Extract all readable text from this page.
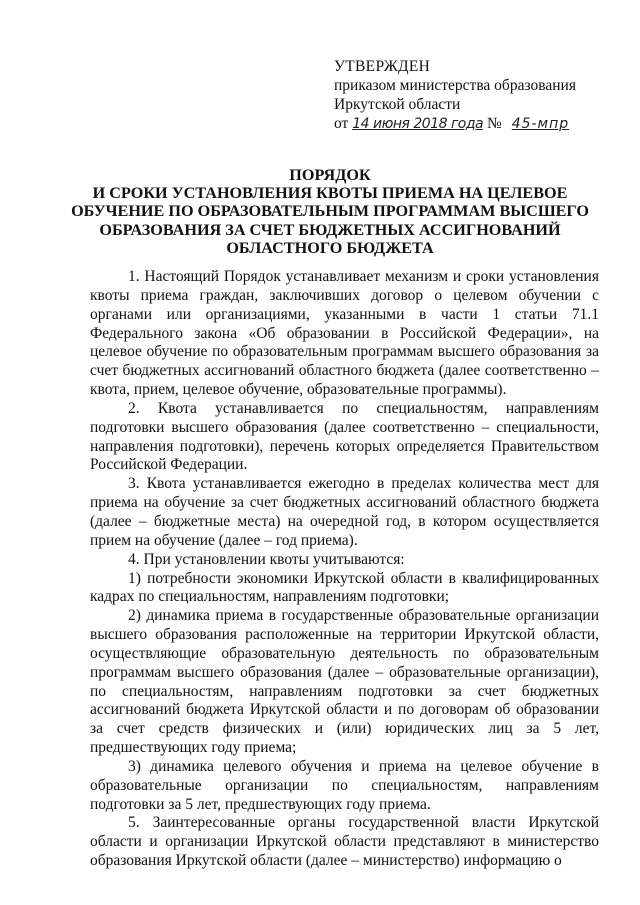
УТВЕРЖДЕН
приказом министерства образования
Иркутской области
от 14 июня 2018 года № 45-мпр
ПОРЯДОК
И СРОКИ УСТАНОВЛЕНИЯ КВОТЫ ПРИЕМА НА ЦЕЛЕВОЕ
ОБУЧЕНИЕ ПО ОБРАЗОВАТЕЛЬНЫМ ПРОГРАММАМ ВЫСШЕГО
ОБРАЗОВАНИЯ ЗА СЧЕТ БЮДЖЕТНЫХ АССИГНОВАНИЙ
ОБЛАСТНОГО БЮДЖЕТА

1. Настоящий Порядок устанавливает механизм и сроки установления квоты приема граждан, заключивших договор о целевом обучении с органами или организациями, указанными в части 1 статьи 71.1 Федерального закона «Об образовании в Российской Федерации», на целевое обучение по образовательным программам высшего образования за счет бюджетных ассигнований областного бюджета (далее соответственно – квота, прием, целевое обучение, образовательные программы).

2. Квота устанавливается по специальностям, направлениям подготовки высшего образования (далее соответственно – специальности, направления подготовки), перечень которых определяется Правительством Российской Федерации.

3. Квота устанавливается ежегодно в пределах количества мест для приема на обучение за счет бюджетных ассигнований областного бюджета (далее – бюджетные места) на очередной год, в котором осуществляется прием на обучение (далее – год приема).

4. При установлении квоты учитываются:

1) потребности экономики Иркутской области в квалифицированных кадрах по специальностям, направлениям подготовки;

2) динамика приема в государственные образовательные организации высшего образования расположенные на территории Иркутской области, осуществляющие образовательную деятельность по образовательным программам высшего образования (далее – образовательные организации), по специальностям, направлениям подготовки за счет бюджетных ассигнований бюджета Иркутской области и по договорам об образовании за счет средств физических и (или) юридических лиц за 5 лет, предшествующих году приема;

3) динамика целевого обучения и приема на целевое обучение в образовательные организации по специальностям, направлениям подготовки за 5 лет, предшествующих году приема.

5. Заинтересованные органы государственной власти Иркутской области и организации Иркутской области представляют в министерство образования Иркутской области (далее – министерство) информацию о
